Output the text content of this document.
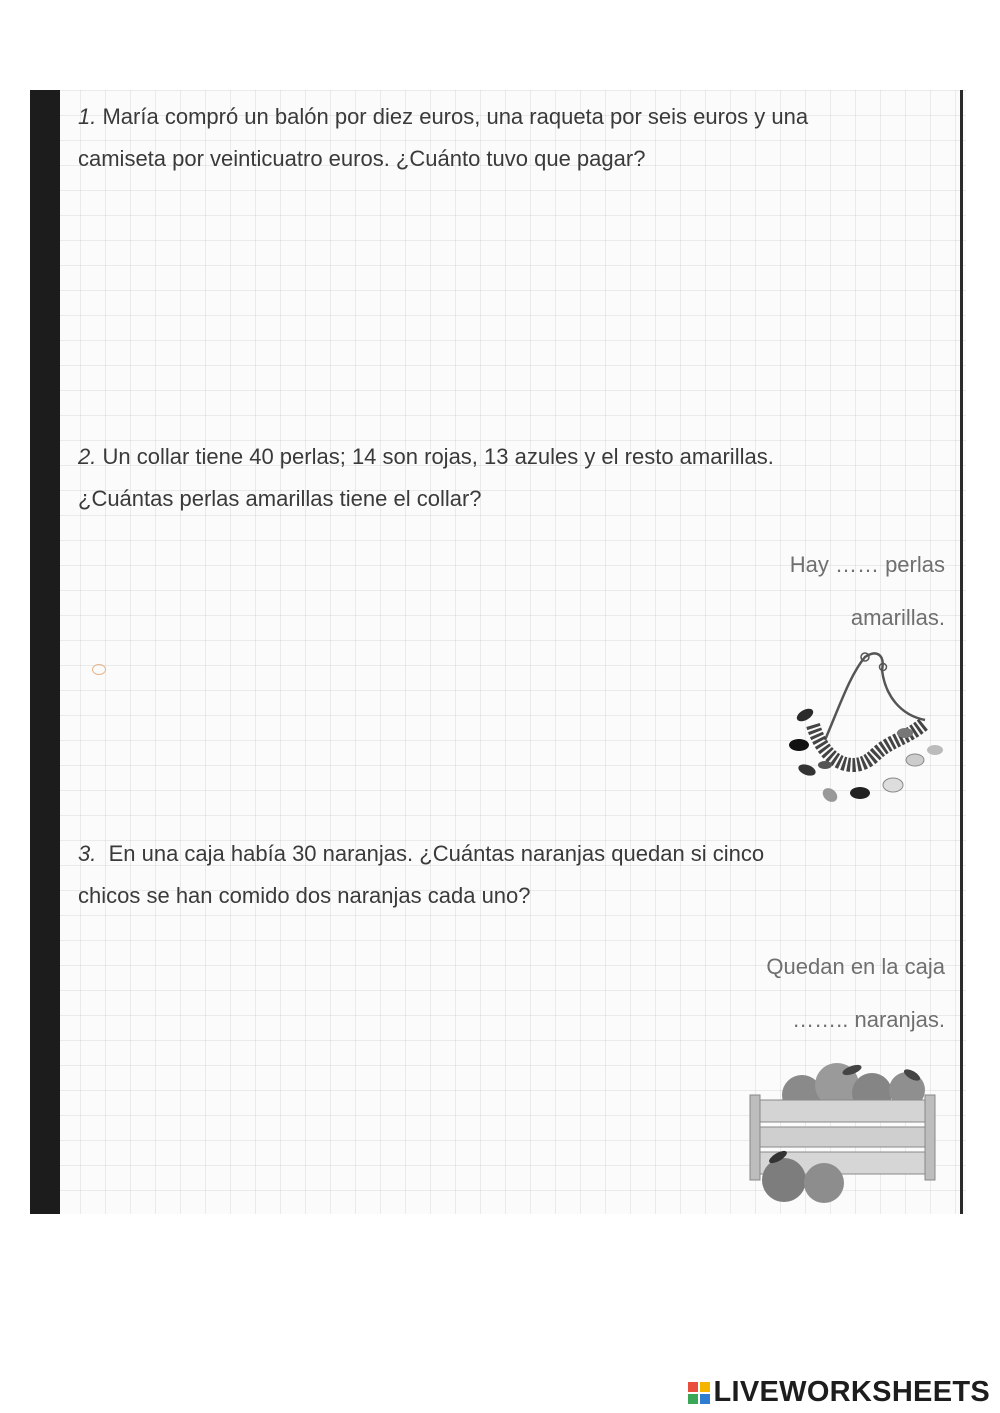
1. María compró un balón por diez euros, una raqueta por seis euros y una
camiseta por veinticuatro euros. ¿Cuánto tuvo que pagar?
2. Un collar tiene 40 perlas; 14 son rojas, 13 azules y el resto amarillas.
¿Cuántas perlas amarillas tiene el collar?
Hay …… perlas
amarillas.
3. En una caja había 30 naranjas. ¿Cuántas naranjas quedan si cinco
chicos se han comido dos naranjas cada uno?
Quedan en la caja
…….. naranjas.
LIVEWORKSHEETS
